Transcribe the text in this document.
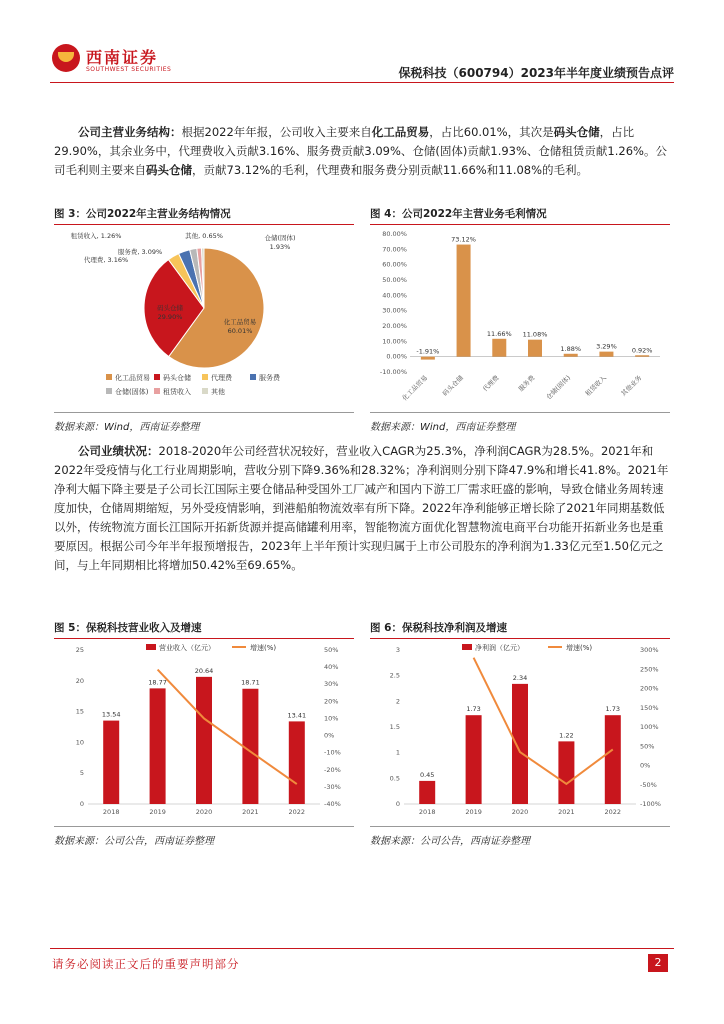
西南证券
SOUTHWEST SECURITIES	保税科技（600794）2023年半年度业绩预告点评
公司主营业务结构：根据2022年年报，公司收入主要来自化工品贸易，占比60.01%，其次是码头仓储，占比29.90%，其余业务中，代理费收入贡献3.16%、服务费贡献3.09%、仓储(固体)贡献1.93%、仓储租赁贡献1.26%。公司毛利则主要来自码头仓储，贡献73.12%的毛利，代理费和服务费分别贡献11.66%和11.08%的毛利。
图 3：公司2022年主营业务结构情况
化工品贸易
60.01%
码头仓储
29.90%
代理费, 3.16%
服务费, 3.09%
仓储(固体)
1.93%
租赁收入, 1.26%	其他, 0.65%
化工品贸易 码头仓储	代理费	服务费
仓储(固体) 租赁收入	其他
数据来源：Wind，西南证券整理
图 4：公司2022年主营业务毛利情况
-10.00%
0.00%
10.00%
20.00%
30.00%
40.00%
50.00%
60.00%
70.00%
80.00%
-1.91%
化工品贸易
73.12%
码头仓储
11.66%
代理费
11.08%
服务费
1.88%
仓储(固体)
3.29%
租赁收入
0.92%
其他业务
数据来源：Wind，西南证券整理
公司业绩状况：2018-2020年公司经营状况较好，营业收入CAGR为25.3%，净利润CAGR为28.5%。2021年和2022年受疫情与化工行业周期影响，营收分别下降9.36%和28.32%；净利润则分别下降47.9%和增长41.8%。2021年净利大幅下降主要是子公司长江国际主要仓储品种受国外工厂减产和国内下游工厂需求旺盛的影响，导致仓储业务周转速度加快，仓储周期缩短，另外受疫情影响，到港船舶物流效率有所下降。2022年净利能够正增长除了2021年同期基数低以外，传统物流方面长江国际开拓新货源并提高储罐利用率，智能物流方面优化智慧物流电商平台功能开拓新业务也是重要原因。根据公司今年半年报预增报告，2023年上半年预计实现归属于上市公司股东的净利润为1.33亿元至1.50亿元之间，与上年同期相比将增加50.42%至69.65%。
图 5：保税科技营业收入及增速
0
5
10
15
20
25
-40%
-30%
-20%
-10%
0%
10%
20%
30%
40%
50%
营业收入（亿元）	增速(%)
13.54
2018
18.77
2019
20.64
2020
18.71
2021
13.41
2022
数据来源：公司公告，西南证券整理
图 6：保税科技净利润及增速
0
0.5
1
1.5
2
2.5
3
-100%
-50%
0%
50%
100%
150%
200%
250%
300%
净利润（亿元）	增速(%)
0.45
2018
1.73
2019
2.34
2020
1.22
2021
1.73
2022
数据来源：公司公告，西南证券整理
请务必阅读正文后的重要声明部分	2
